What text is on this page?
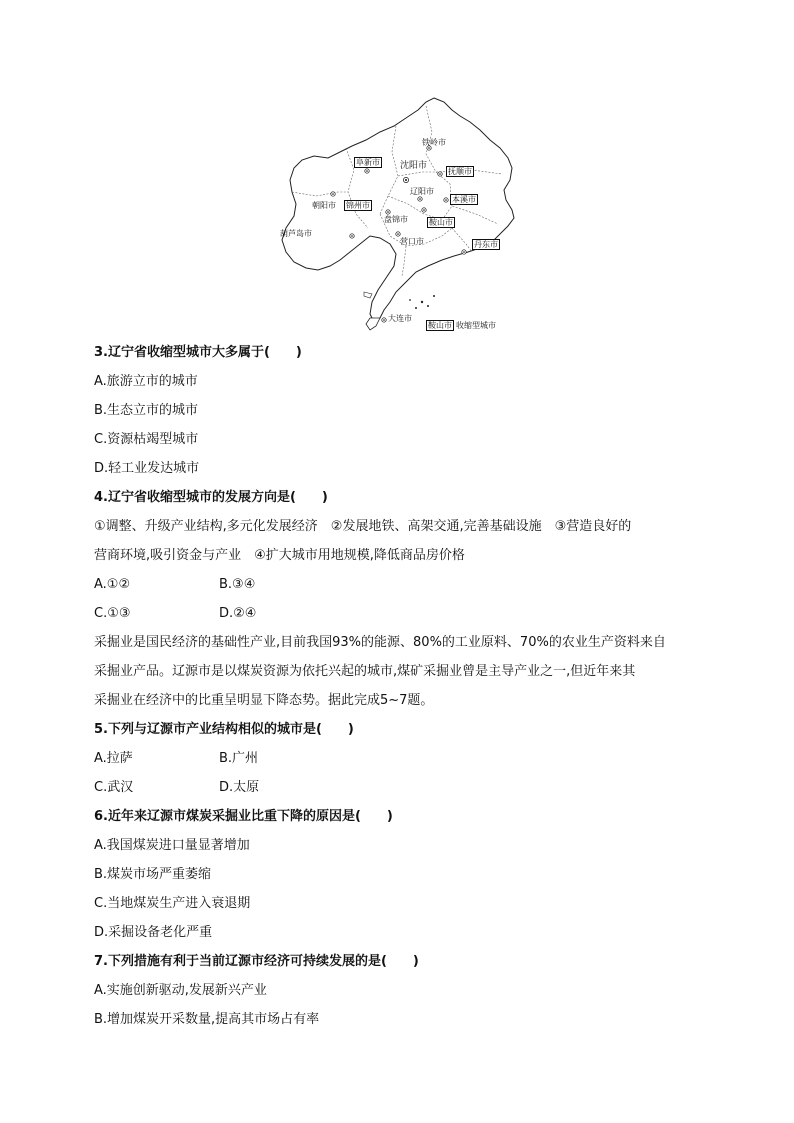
铁岭市
阜新市 沈阳市
抚顺市
朝阳市
辽阳市
本溪市
锦州市
盘锦市	鞍山市
葫芦岛市
营口市	丹东市
大连市
鞍山市 收缩型城市
3.辽宁省收缩型城市大多属于(　　)
A.旅游立市的城市
B.生态立市的城市
C.资源枯竭型城市
D.轻工业发达城市
4.辽宁省收缩型城市的发展方向是(　　)
①调整、升级产业结构,多元化发展经济　②发展地铁、高架交通,完善基础设施　③营造良好的
营商环境,吸引资金与产业　④扩大城市用地规模,降低商品房价格
A.①②	B.③④
C.①③	D.②④
采掘业是国民经济的基础性产业,目前我国93%的能源、80%的工业原料、70%的农业生产资料来自
采掘业产品。辽源市是以煤炭资源为依托兴起的城市,煤矿采掘业曾是主导产业之一,但近年来其
采掘业在经济中的比重呈明显下降态势。据此完成5~7题。
5.下列与辽源市产业结构相似的城市是(　　)
A.拉萨	B.广州
C.武汉	D.太原
6.近年来辽源市煤炭采掘业比重下降的原因是(　　)
A.我国煤炭进口量显著增加
B.煤炭市场严重萎缩
C.当地煤炭生产进入衰退期
D.采掘设备老化严重
7.下列措施有利于当前辽源市经济可持续发展的是(　　)
A.实施创新驱动,发展新兴产业
B.增加煤炭开采数量,提高其市场占有率
